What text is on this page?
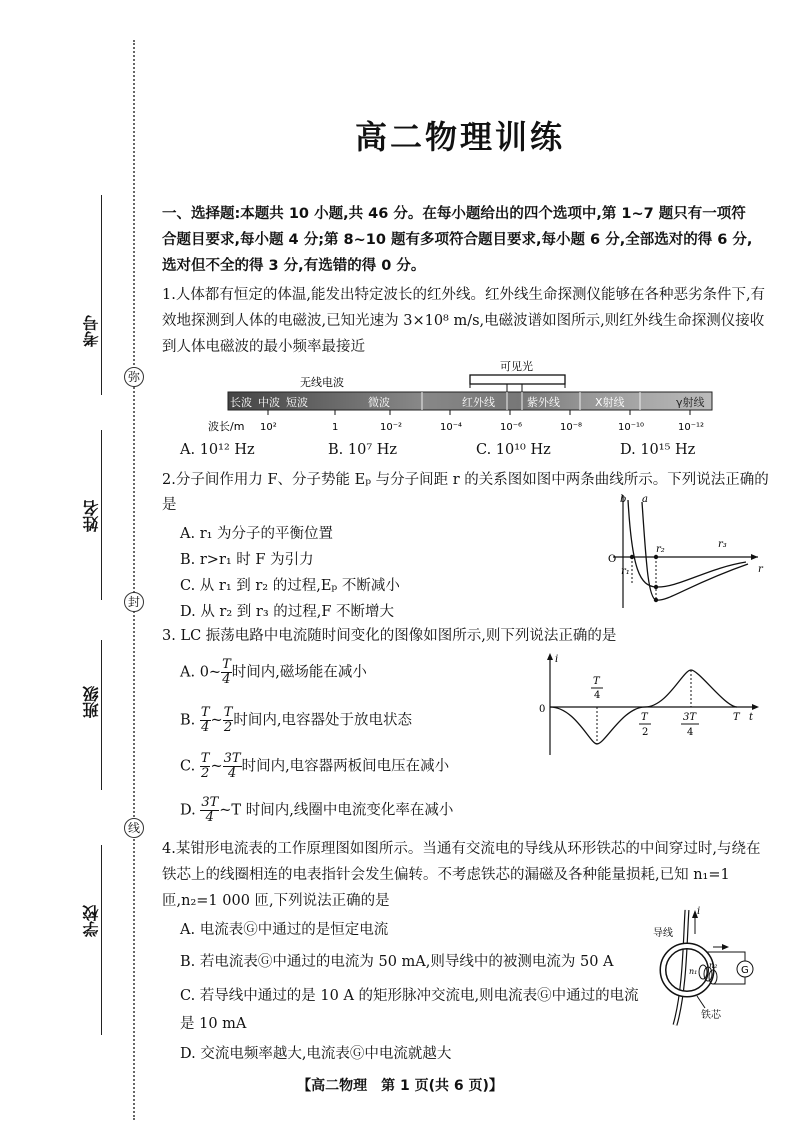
弥
封
线
考号
姓名
班级
学校
高二物理训练
一、选择题:本题共 10 小题,共 46 分。在每小题给出的四个选项中,第 1~7 题只有一项符合题目要求,每小题 4 分;第 8~10 题有多项符合题目要求,每小题 6 分,全部选对的得 6 分,选对但不全的得 3 分,有选错的得 0 分。
1.人体都有恒定的体温,能发出特定波长的红外线。红外线生命探测仪能够在各种恶劣条件下,有效地探测到人体的电磁波,已知光速为 3×10⁸ m/s,电磁波谱如图所示,则红外线生命探测仪接收到人体电磁波的最小频率最接近
可见光
无线电波
长波 中波 短波	微波	红外线	紫外线	X射线	γ射线
波长/m 10²	1	10⁻²	10⁻⁴	10⁻⁶	10⁻⁸	10⁻¹⁰	10⁻¹²
A. 10¹² Hz	B. 10⁷ Hz	C. 10¹⁰ Hz	D. 10¹⁵ Hz
2.分子间作用力 F、分子势能 Eₚ 与分子间距 r 的关系图如图中两条曲线所示。下列说法正确的是
A. r₁ 为分子的平衡位置
B. r>r₁ 时 F 为引力
C. 从 r₁ 到 r₂ 的过程,Eₚ 不断减小
D. 从 r₂ 到 r₃ 的过程,F 不断增大
b a
O
r₁
r₂	r₃
r
3. LC 振荡电路中电流随时间变化的图像如图所示,则下列说法正确的是
A. 0~ $\frac{T}{4}$ 时间内,磁场能在减小
B. $\frac{T}{4}$ ~ $\frac{T}{2}$ 时间内,电容器处于放电状态
C. $\frac{T}{2}$ ~ $\frac{3T}{4}$ 时间内,电容器两板间电压在减小
D. $\frac{3T}{4}$ ~T 时间内,线圈中电流变化率在减小
i
0
T
4
T
2
3T
4
T t
4.某钳形电流表的工作原理图如图所示。当通有交流电的导线从环形铁芯的中间穿过时,与绕在铁芯上的线圈相连的电表指针会发生偏转。不考虑铁芯的漏磁及各种能量损耗,已知 n₁=1 匝,n₂=1 000 匝,下列说法正确的是
A. 电流表Ⓖ中通过的是恒定电流
B. 若电流表Ⓖ中通过的电流为 50 mA,则导线中的被测电流为 50 A
C. 若导线中通过的是 10 A 的矩形脉冲交流电,则电流表Ⓖ中通过的电流是 10 mA
D. 交流电频率越大,电流表Ⓖ中电流就越大
G
导线
i
n₁
n₂
铁芯
【高二物理　第 1 页(共 6 页)】
